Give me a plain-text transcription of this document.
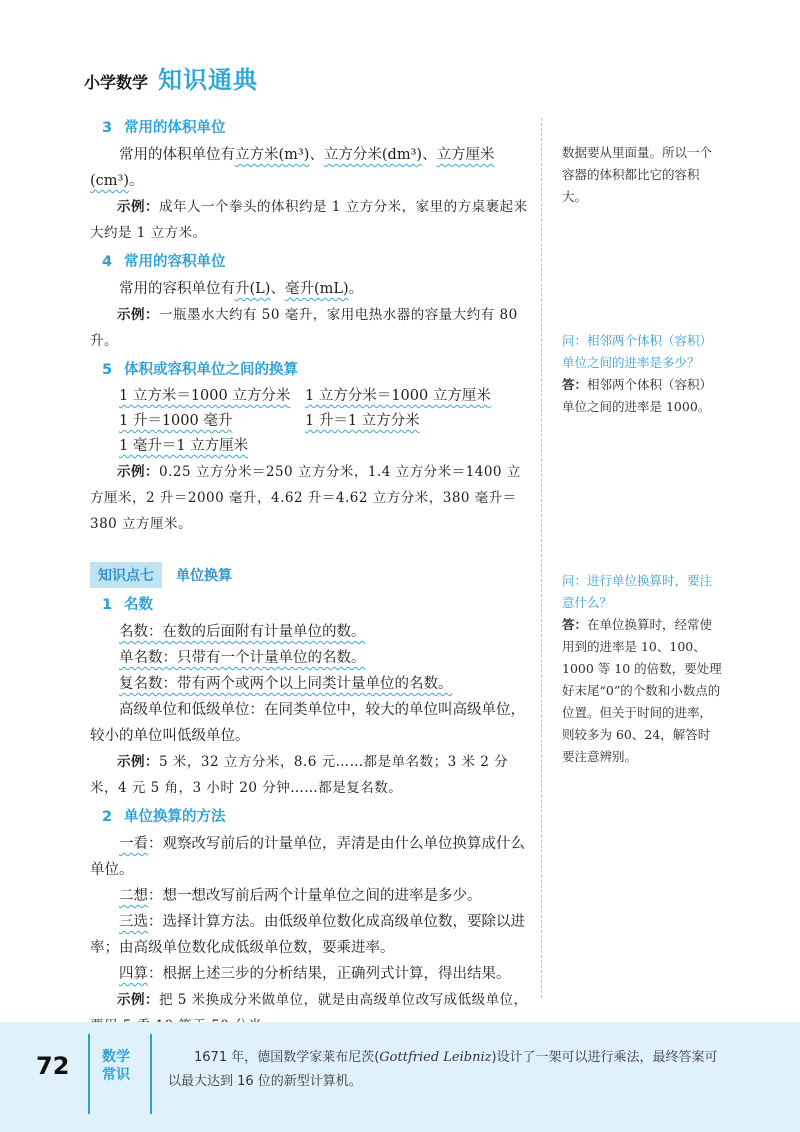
小学数学 知识通典
3 常用的体积单位

常用的体积单位有立方米(m³)、立方分米(dm³)、立方厘米(cm³)。

示例：成年人一个拳头的体积约是 1 立方分米，家里的方桌裹起来大约是 1 立方米。

4 常用的容积单位

常用的容积单位有升(L)、毫升(mL)。

示例：一瓶墨水大约有 50 毫升，家用电热水器的容量大约有 80 升。

5 体积或容积单位之间的换算
1 立方米＝1000 立方分米	1 立方分米＝1000 立方厘米
1 升＝1000 毫升	1 升＝1 立方分米
1 毫升＝1 立方厘米

示例：0.25 立方分米＝250 立方分米，1.4 立方分米＝1400 立方厘米，2 升＝2000 毫升，4.62 升＝4.62 立方分米，380 毫升＝380 立方厘米。

知识点七	单位换算
1 名数

名数：在数的后面附有计量单位的数。

单名数：只带有一个计量单位的名数。

复名数：带有两个或两个以上同类计量单位的名数。

高级单位和低级单位：在同类单位中，较大的单位叫高级单位，较小的单位叫低级单位。

示例：5 米，32 立方分米，8.6 元……都是单名数；3 米 2 分米，4 元 5 角，3 小时 20 分钟……都是复名数。

2 单位换算的方法

一看：观察改写前后的计量单位，弄清是由什么单位换算成什么单位。

二想：想一想改写前后两个计量单位之间的进率是多少。

三选：选择计算方法。由低级单位数化成高级单位数，要除以进率；由高级单位数化成低级单位数，要乘进率。

四算：根据上述三步的分析结果，正确列式计算，得出结果。

示例：把 5 米换成分米做单位，就是由高级单位改写成低级单位，

数据要从里面量。所以一个容器的体积都比它的容积大。
问：相邻两个体积（容积）单位之间的进率是多少？
答：相邻两个体积（容积）单位之间的进率是 1000。
问：进行单位换算时，要注意什么？
答：在单位换算时，经常使用到的进率是 10、100、1000 等 10 的倍数，要处理好末尾“0”的个数和小数点的位置。但关于时间的进率，则较多为 60、24，解答时要注意辨别。
72 数学常识
1671 年，德国数学家莱布尼茨(Gottfried Leibniz)设计了一架可以进行乘法，最终答案可以最大达到 16 位的新型计算机。
